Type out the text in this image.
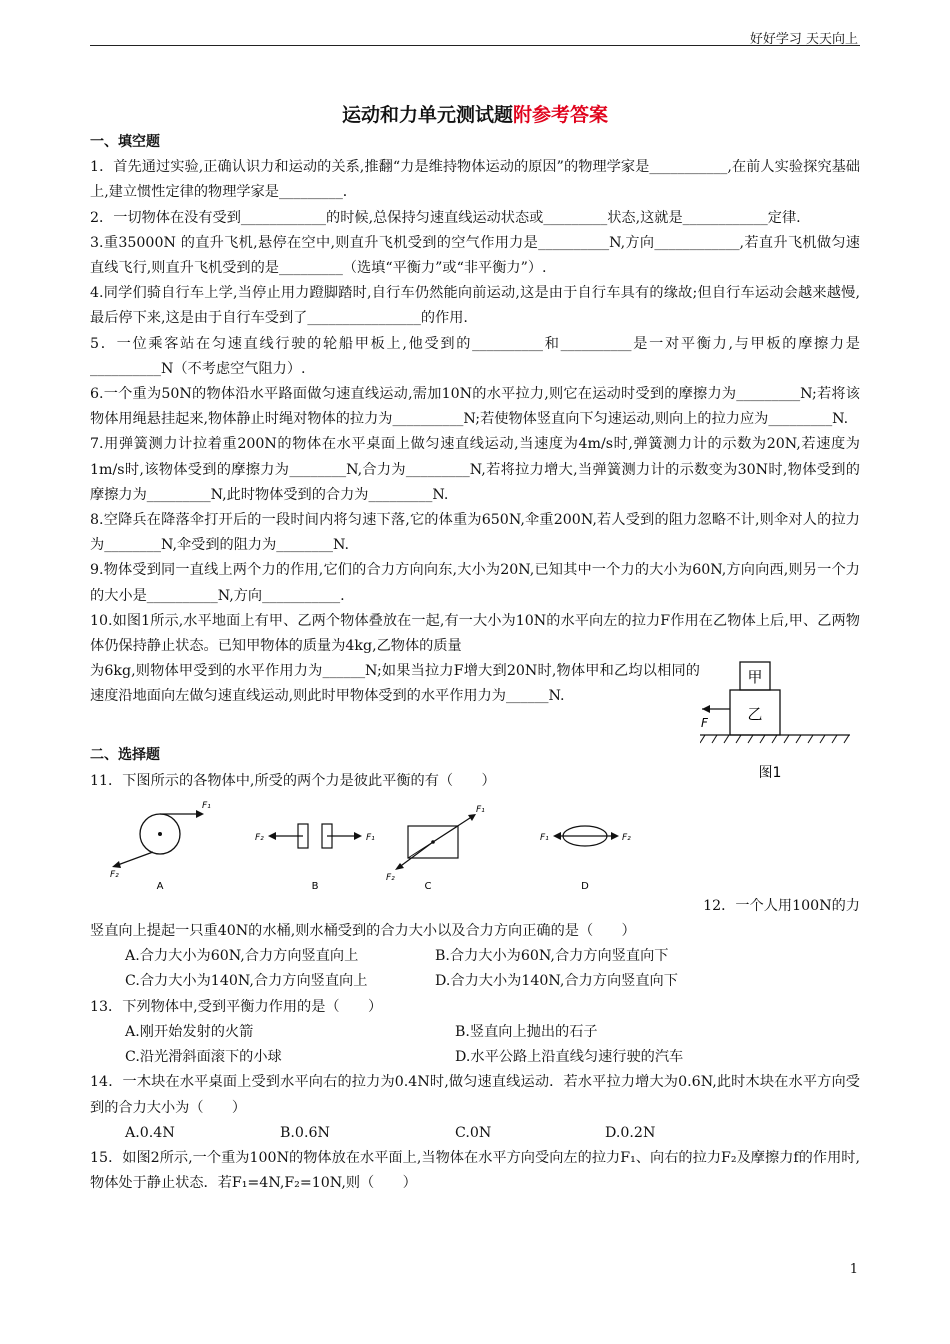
好好学习 天天向上
运动和力单元测试题附参考答案
一、填空题
1．首先通过实验,正确认识力和运动的关系,推翻“力是维持物体运动的原因”的物理学家是___________,在前人实验探究基础上,建立惯性定律的物理学家是_________．
2．一切物体在没有受到____________的时候,总保持匀速直线运动状态或_________状态,这就是____________定律.
3.重35000N 的直升飞机,悬停在空中,则直升飞机受到的空气作用力是__________N,方向____________,若直升飞机做匀速直线飞行,则直升飞机受到的是_________（选填“平衡力”或“非平衡力”）.
4.同学们骑自行车上学,当停止用力蹬脚踏时,自行车仍然能向前运动,这是由于自行车具有的缘故;但自行车运动会越来越慢,最后停下来,这是由于自行车受到了________________的作用.
5．一位乘客站在匀速直线行驶的轮船甲板上,他受到的__________和__________是一对平衡力,与甲板的摩擦力是__________N（不考虑空气阻力）.
6.一个重为50N的物体沿水平路面做匀速直线运动,需加10N的水平拉力,则它在运动时受到的摩擦力为_________N;若将该物体用绳悬挂起来,物体静止时绳对物体的拉力为__________N;若使物体竖直向下匀速运动,则向上的拉力应为_________N.
7.用弹簧测力计拉着重200N的物体在水平桌面上做匀速直线运动,当速度为4m/s时,弹簧测力计的示数为20N,若速度为1m/s时,该物体受到的摩擦力为________N,合力为_________N,若将拉力增大,当弹簧测力计的示数变为30N时,物体受到的摩擦力为_________N,此时物体受到的合力为_________N.
8.空降兵在降落伞打开后的一段时间内将匀速下落,它的体重为650N,伞重200N,若人受到的阻力忽略不计,则伞对人的拉力为________N,伞受到的阻力为________N.
9.物体受到同一直线上两个力的作用,它们的合力方向向东,大小为20N,已知其中一个力的大小为60N,方向向西,则另一个力的大小是__________N,方向___________.
10.如图1所示,水平地面上有甲、乙两个物体叠放在一起,有一大小为10N的水平向左的拉力F作用在乙物体上后,甲、乙两物体仍保持静止状态。已知甲物体的质量为4kg,乙物体的质量
为6kg,则物体甲受到的水平作用力为______N;如果当拉力F增大到20N时,物体甲和乙均以相同的速度沿地面向左做匀速直线运动,则此时甲物体受到的水平作用力为______N.
甲
乙
F
图1
二、选择题
11．下图所示的各物体中,所受的两个力是彼此平衡的有（　　）
F₁
F₂
A
F₂	F₁
B
F₁
F₂
C
F₁	F₂
D
12．一个人用100N的力
竖直向上提起一只重40N的水桶,则水桶受到的合力大小以及合力方向正确的是（　　）
A.合力大小为60N,合力方向竖直向上	B.合力大小为60N,合力方向竖直向下
C.合力大小为140N,合力方向竖直向上	D.合力大小为140N,合力方向竖直向下
13．下列物体中,受到平衡力作用的是（　　）
A.刚开始发射的火箭	B.竖直向上抛出的石子
C.沿光滑斜面滚下的小球	D.水平公路上沿直线匀速行驶的汽车
14．一木块在水平桌面上受到水平向右的拉力为0.4N时,做匀速直线运动．若水平拉力增大为0.6N,此时木块在水平方向受到的合力大小为（　　）
A.0.4N	B.0.6N	C.0N	D.0.2N
15．如图2所示,一个重为100N的物体放在水平面上,当物体在水平方向受向左的拉力F₁、向右的拉力F₂及摩擦力f的作用时,物体处于静止状态．若F₁=4N,F₂=10N,则（　　）
1
